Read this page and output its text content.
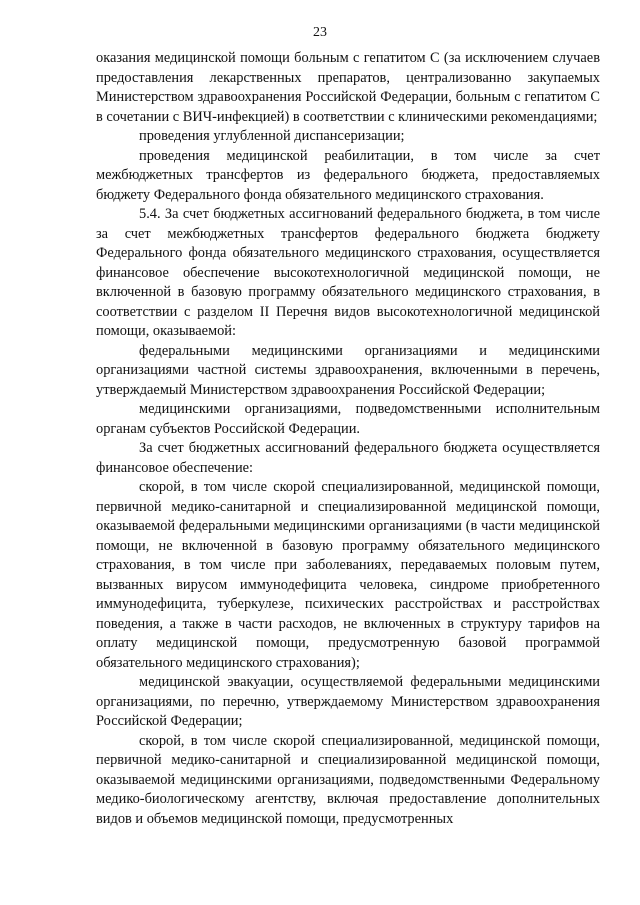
23

оказания медицинской помощи больным с гепатитом С (за исключением случаев предоставления лекарственных препаратов, централизованно закупаемых Министерством здравоохранения Российской Федерации, больным с гепатитом С в сочетании с ВИЧ-инфекцией) в соответствии с клиническими рекомендациями;

проведения углубленной диспансеризации;

проведения медицинской реабилитации, в том числе за счет межбюджетных трансфертов из федерального бюджета, предоставляемых бюджету Федерального фонда обязательного медицинского страхования.

5.4. За счет бюджетных ассигнований федерального бюджета, в том числе за счет межбюджетных трансфертов федерального бюджета бюджету Федерального фонда обязательного медицинского страхования, осуществляется финансовое обеспечение высокотехнологичной медицинской помощи, не включенной в базовую программу обязательного медицинского страхования, в соответствии с разделом II Перечня видов высокотехнологичной медицинской помощи, оказываемой:

федеральными медицинскими организациями и медицинскими организациями частной системы здравоохранения, включенными в перечень, утверждаемый Министерством здравоохранения Российской Федерации;

медицинскими организациями, подведомственными исполнительным органам субъектов Российской Федерации.

За счет бюджетных ассигнований федерального бюджета осуществляется финансовое обеспечение:

скорой, в том числе скорой специализированной, медицинской помощи, первичной медико-санитарной и специализированной медицинской помощи, оказываемой федеральными медицинскими организациями (в части медицинской помощи, не включенной в базовую программу обязательного медицинского страхования, в том числе при заболеваниях, передаваемых половым путем, вызванных вирусом иммунодефицита человека, синдроме приобретенного иммунодефицита, туберкулезе, психических расстройствах и расстройствах поведения, а также в части расходов, не включенных в структуру тарифов на оплату медицинской помощи, предусмотренную базовой программой обязательного медицинского страхования);

медицинской эвакуации, осуществляемой федеральными медицинскими организациями, по перечню, утверждаемому Министерством здравоохранения Российской Федерации;

скорой, в том числе скорой специализированной, медицинской помощи, первичной медико-санитарной и специализированной медицинской помощи, оказываемой медицинскими организациями, подведомственными Федеральному медико-биологическому агентству, включая предоставление дополнительных видов и объемов медицинской помощи, предусмотренных
